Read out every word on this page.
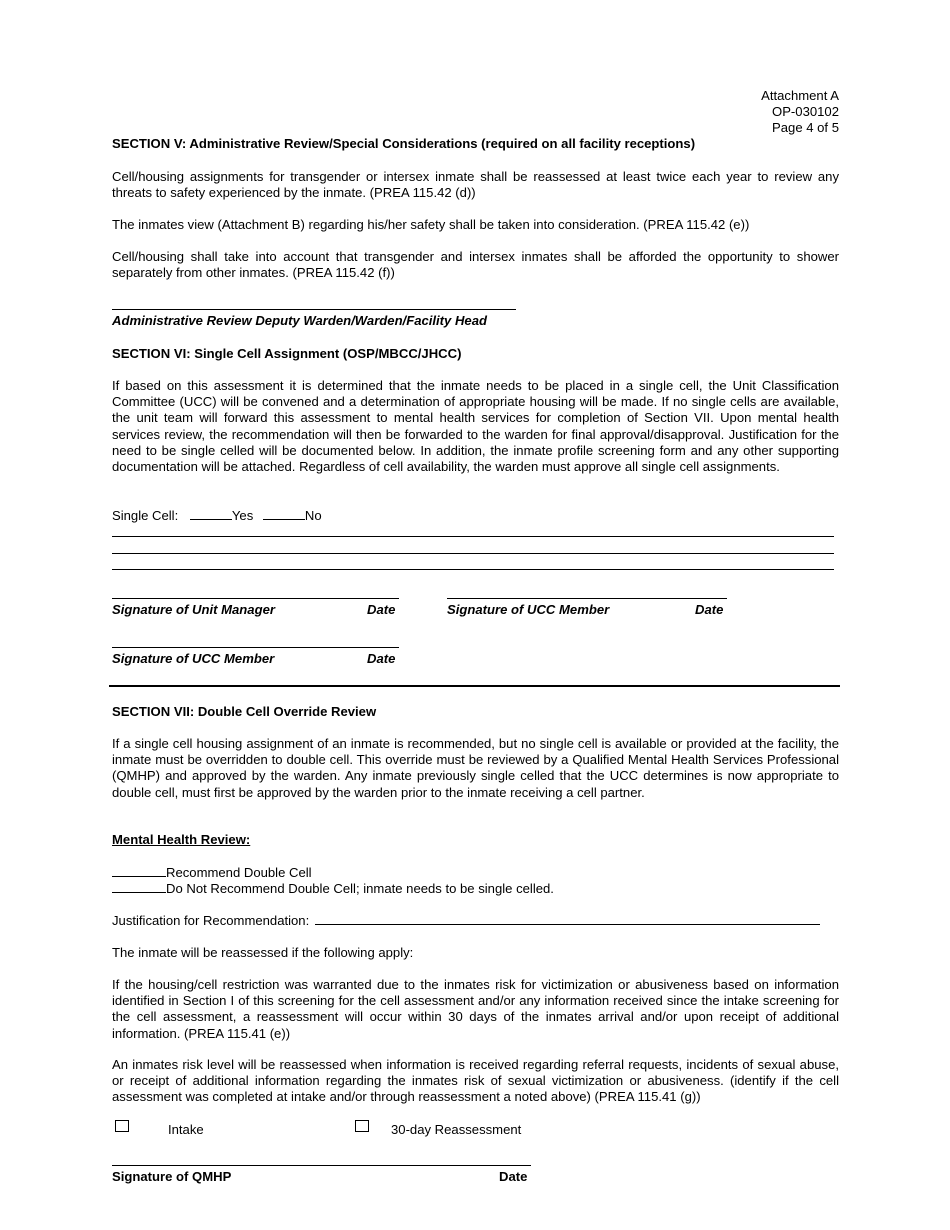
Attachment A
OP-030102
Page 4 of 5
SECTION V: Administrative Review/Special Considerations (required on all facility receptions)
Cell/housing assignments for transgender or intersex inmate shall be reassessed at least twice each year to review any threats to safety experienced by the inmate. (PREA 115.42 (d))
The inmates view (Attachment B) regarding his/her safety shall be taken into consideration. (PREA 115.42 (e))
Cell/housing shall take into account that transgender and intersex inmates shall be afforded the opportunity to shower separately from other inmates. (PREA 115.42 (f))
Administrative Review Deputy Warden/Warden/Facility Head
SECTION VI: Single Cell Assignment (OSP/MBCC/JHCC)
If based on this assessment it is determined that the inmate needs to be placed in a single cell, the Unit Classification Committee (UCC) will be convened and a determination of appropriate housing will be made. If no single cells are available, the unit team will forward this assessment to mental health services for completion of Section VII. Upon mental health services review, the recommendation will then be forwarded to the warden for final approval/disapproval. Justification for the need to be single celled will be documented below. In addition, the inmate profile screening form and any other supporting documentation will be attached. Regardless of cell availability, the warden must approve all single cell assignments.
Single Cell:	Yes	No
Signature of Unit Manager	Date	Signature of UCC Member	Date
Signature of UCC Member	Date
SECTION VII: Double Cell Override Review
If a single cell housing assignment of an inmate is recommended, but no single cell is available or provided at the facility, the inmate must be overridden to double cell. This override must be reviewed by a Qualified Mental Health Services Professional (QMHP) and approved by the warden. Any inmate previously single celled that the UCC determines is now appropriate to double cell, must first be approved by the warden prior to the inmate receiving a cell partner.
Mental Health Review:
Recommend Double Cell
Do Not Recommend Double Cell; inmate needs to be single celled.
Justification for Recommendation:
The inmate will be reassessed if the following apply:
If the housing/cell restriction was warranted due to the inmates risk for victimization or abusiveness based on information identified in Section I of this screening for the cell assessment and/or any information received since the intake screening for the cell assessment, a reassessment will occur within 30 days of the inmates arrival and/or upon receipt of additional information. (PREA 115.41 (e))
An inmates risk level will be reassessed when information is received regarding referral requests, incidents of sexual abuse, or receipt of additional information regarding the inmates risk of sexual victimization or abusiveness. (identify if the cell assessment was completed at intake and/or through reassessment a noted above) (PREA 115.41 (g))
Intake	30-day Reassessment
Signature of QMHP	Date
